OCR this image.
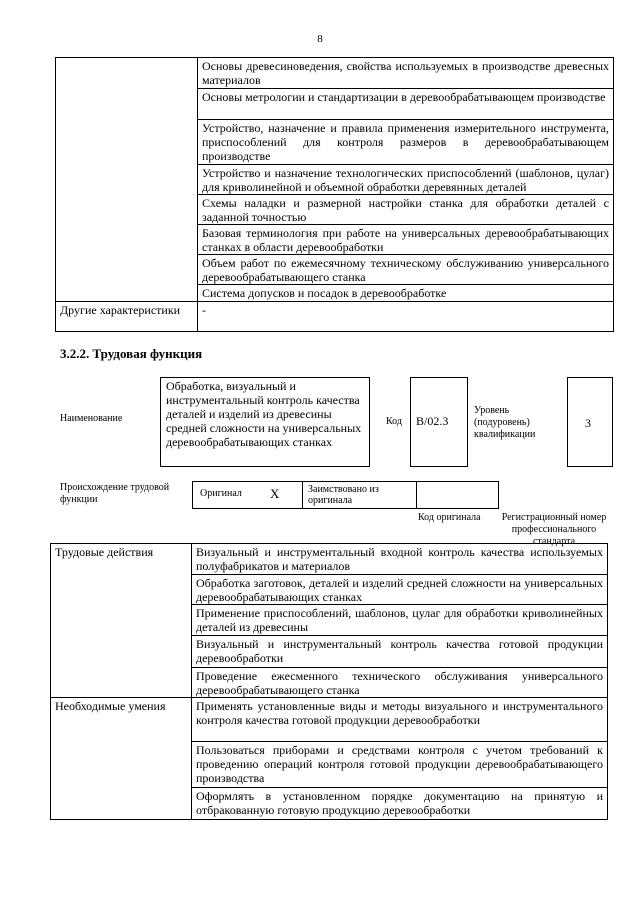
8
	Основы древесиноведения, свойства используемых в производстве древесных материалов
	Основы метрологии и стандартизации в деревообрабатывающем производстве
	Устройство, назначение и правила применения измерительного инструмента, приспособлений для контроля размеров в деревообрабатывающем производстве
	Устройство и назначение технологических приспособлений (шаблонов, цулаг) для криволинейной и объемной обработки деревянных деталей
	Схемы наладки и размерной настройки станка для обработки деталей с заданной точностью
	Базовая терминология при работе на универсальных деревообрабатывающих станках в области деревообработки
	Объем работ по ежемесячному техническому обслуживанию универсального деревообрабатывающего станка
	Система допусков и посадок в деревообработке
Другие характеристики	-
3.2.2. Трудовая функция
Наименование
Обработка, визуальный и инструментальный контроль качества деталей и изделий из древесины средней сложности на универсальных деревообрабатывающих станках
Код В/02.3
Уровень (подуровень) квалификации
3
Происхождение трудовой функции
Оригинал X	Заимствовано из оригинала
Код оригинала	Регистрационный номер профессионального стандарта
Трудовые действия	Визуальный и инструментальный входной контроль качества используемых полуфабрикатов и материалов
	Обработка заготовок, деталей и изделий средней сложности на универсальных деревообрабатывающих станках
	Применение приспособлений, шаблонов, цулаг для обработки криволинейных деталей из древесины
	Визуальный и инструментальный контроль качества готовой продукции деревообработки
	Проведение ежесменного технического обслуживания универсального деревообрабатывающего станка
Необходимые умения	Применять установленные виды и методы визуального и инструментального контроля качества готовой продукции деревообработки
	Пользоваться приборами и средствами контроля с учетом требований к проведению операций контроля готовой продукции деревообрабатывающего производства
	Оформлять в установленном порядке документацию на принятую и отбракованную готовую продукцию деревообработки
